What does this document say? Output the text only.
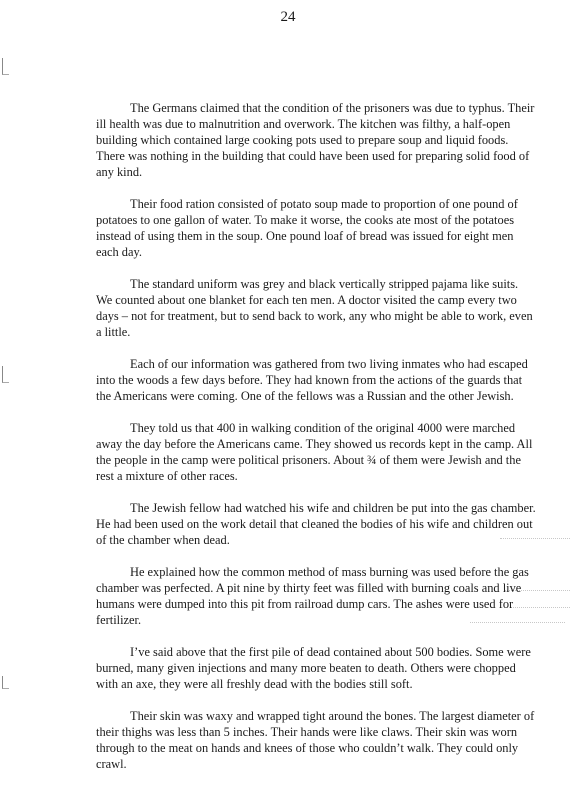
24

The Germans claimed that the condition of the prisoners was due to typhus. Their ill health was due to malnutrition and overwork. The kitchen was filthy, a half-open building which contained large cooking pots used to prepare soup and liquid foods. There was nothing in the building that could have been used for preparing solid food of any kind.

Their food ration consisted of potato soup made to proportion of one pound of potatoes to one gallon of water. To make it worse, the cooks ate most of the potatoes instead of using them in the soup. One pound loaf of bread was issued for eight men each day.

The standard uniform was grey and black vertically stripped pajama like suits. We counted about one blanket for each ten men. A doctor visited the camp every two days – not for treatment, but to send back to work, any who might be able to work, even a little.

Each of our information was gathered from two living inmates who had escaped into the woods a few days before. They had known from the actions of the guards that the Americans were coming. One of the fellows was a Russian and the other Jewish.

They told us that 400 in walking condition of the original 4000 were marched away the day before the Americans came. They showed us records kept in the camp. All the people in the camp were political prisoners. About ¾ of them were Jewish and the rest a mixture of other races.

The Jewish fellow had watched his wife and children be put into the gas chamber. He had been used on the work detail that cleaned the bodies of his wife and children out of the chamber when dead.

He explained how the common method of mass burning was used before the gas chamber was perfected. A pit nine by thirty feet was filled with burning coals and live humans were dumped into this pit from railroad dump cars. The ashes were used for fertilizer.

I’ve said above that the first pile of dead contained about 500 bodies. Some were burned, many given injections and many more beaten to death. Others were chopped with an axe, they were all freshly dead with the bodies still soft.

Their skin was waxy and wrapped tight around the bones. The largest diameter of their thighs was less than 5 inches. Their hands were like claws. Their skin was worn through to the meat on hands and knees of those who couldn’t walk. They could only crawl.
